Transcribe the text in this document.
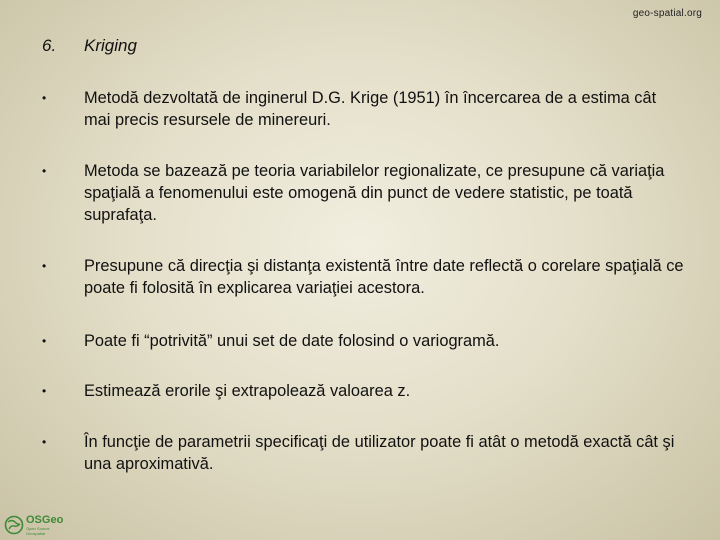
geo-spatial.org
6. Kriging
• Metodă dezvoltată de inginerul D.G. Krige (1951) în încercarea de a estima cât mai precis resursele de minereuri.
• Metoda se bazează pe teoria variabilelor regionalizate, ce presupune că variaţia spaţială a fenomenului este omogenă din punct de vedere statistic, pe toată suprafaţa.
• Presupune că direcţia şi distanţa existentă între date reflectă o corelare spaţială ce poate fi folosită în explicarea variaţiei acestora.
• Poate fi “potrivită” unui set de date folosind o variogramă.
• Estimează erorile şi extrapolează valoarea z.
• În funcţie de parametrii specificaţi de utilizator poate fi atât o metodă exactă cât şi una aproximativă.
OSGeo
Open Source Geospatial
